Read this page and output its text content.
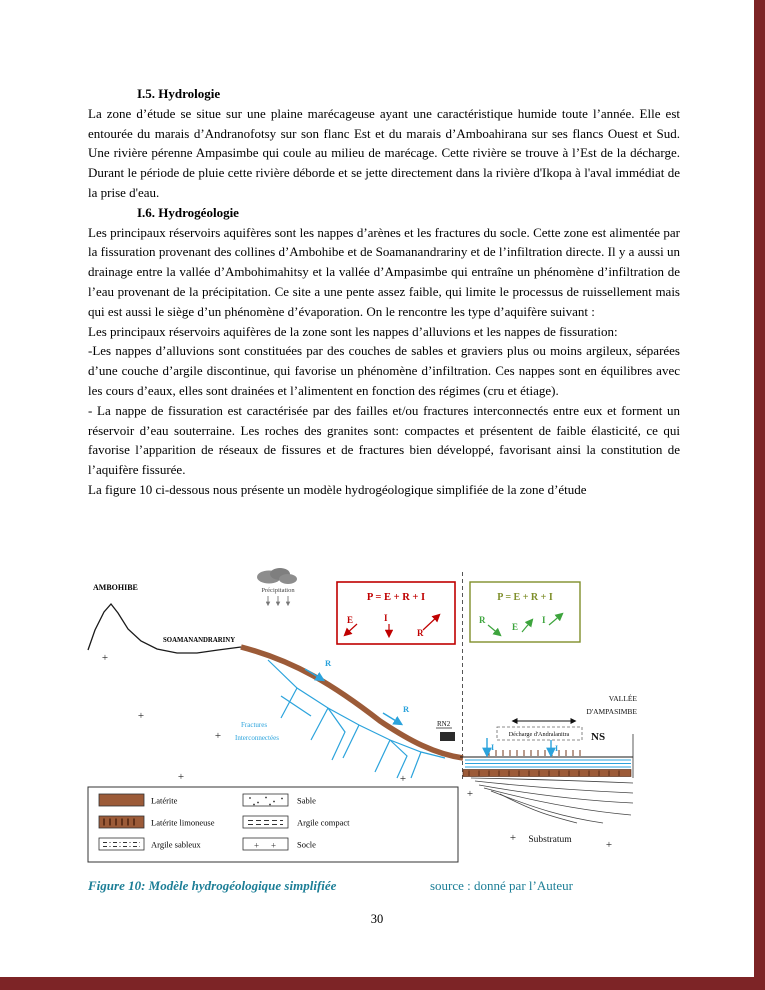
I.5. Hydrologie

La zone d’étude se situe sur une plaine marécageuse ayant une caractéristique humide toute l’année. Elle est entourée du marais d’Andranofotsy sur son flanc Est et du marais d’Amboahirana sur ses flancs Ouest et Sud. Une rivière pérenne Ampasimbe qui coule au milieu de marécage. Cette rivière se trouve à l’Est de la décharge. Durant le période de pluie cette rivière déborde et se jette directement dans la rivière d'Ikopa à l'aval immédiat de la prise d'eau.

I.6. Hydrogéologie

Les principaux réservoirs aquifères sont les nappes d’arènes et les fractures du socle. Cette zone est alimentée par la fissuration provenant des collines d’Ambohibe et de Soamanandrariny et de l’infiltration directe. Il y a aussi un drainage entre la vallée d’Ambohimahitsy et la vallée d’Ampasimbe qui entraîne un phénomène d’infiltration de l’eau provenant de la précipitation. Ce site a une pente assez faible, qui limite le processus de ruissellement mais qui est aussi le siège d’un phénomène d’évaporation. On le rencontre les type d’aquifère suivant :

Les principaux réservoirs aquifères de la zone sont les nappes d’alluvions et les nappes de fissuration:

-Les nappes d’alluvions sont constituées par des couches de sables et graviers plus ou moins argileux, séparées d’une couche d’argile discontinue, qui favorise un phénomène d’infiltration. Ces nappes sont en équilibres avec les cours d’eaux, elles sont drainées et l’alimentent en fonction des régimes (cru et étiage).

- La nappe de fissuration est caractérisée par des failles et/ou fractures interconnectés entre eux et forment un réservoir d’eau souterraine. Les roches des granites sont: compactes et présentent de faible élasticité, ce qui favorise l’apparition de réseaux de fissures et de fractures bien développé, favorisant ainsi la constitution de l’aquifère fissurée.

La figure 10 ci-dessous nous présente un modèle hydrogéologique simplifiée de la zone d’étude

AMBOHIBE
SOAMANANDRARINY
Précipitation
P = E + R + I
E	I
R
P = E + R + I
R
E
I
Fractures
Interconnectées
R
R
RN2
Décharge d'Andralanitra NS
I	I
VALLÉE
D'AMPASIMBE
Substratum
+
+
+
+	+
+
+
+
Latérite
Latérite limoneuse
Argile sableux
Sable
Argile compact
+ + Socle
Figure 10: Modèle hydrogéologique simplifiée	source : donné par l’Auteur
30
